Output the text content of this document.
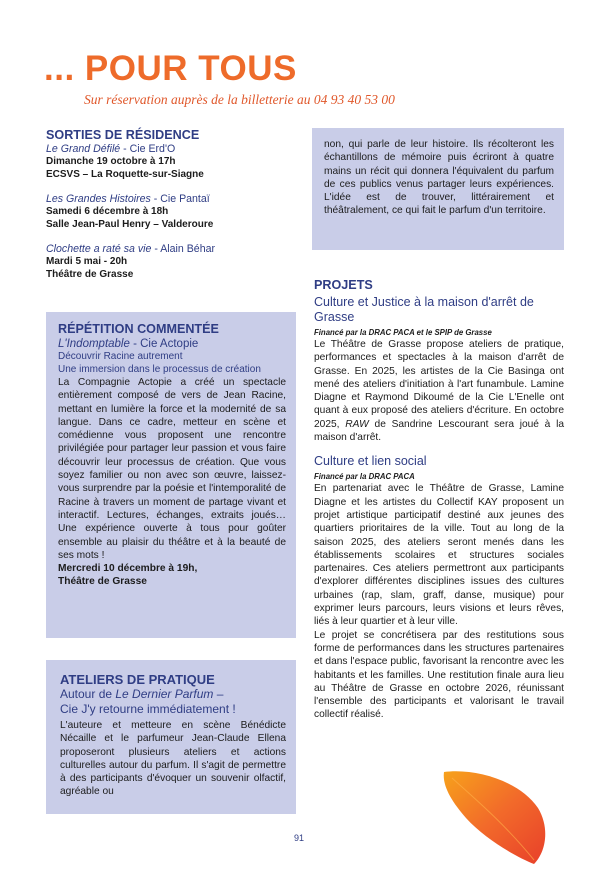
... POUR TOUS

Sur réservation auprès de la billetterie au 04 93 40 53 00

SORTIES DE RÉSIDENCE
Le Grand Défilé - Cie Erd'O
Dimanche 19 octobre à 17h
ECSVS – La Roquette-sur-Siagne
Les Grandes Histoires - Cie Pantaï
Samedi 6 décembre à 18h
Salle Jean-Paul Henry – Valderoure
Clochette a raté sa vie - Alain Béhar
Mardi 5 mai - 20h
Théâtre de Grasse
RÉPÉTITION COMMENTÉE

L'Indomptable - Cie Actopie

Découvrir Racine autrement

Une immersion dans le processus de création

La Compagnie Actopie a créé un spectacle entièrement composé de vers de Jean Racine, mettant en lumière la force et la modernité de sa langue. Dans ce cadre, metteur en scène et comédienne vous proposent une rencontre privilégiée pour partager leur passion et vous faire découvrir leur processus de création. Que vous soyez familier ou non avec son œuvre, laissez-vous surprendre par la poésie et l'intemporalité de Racine à travers un moment de partage vivant et interactif. Lectures, échanges, extraits joués… Une expérience ouverte à tous pour goûter ensemble au plaisir du théâtre et à la beauté de ses mots !

Mercredi 10 décembre à 19h,

Théâtre de Grasse

ATELIERS DE PRATIQUE

Autour de Le Dernier Parfum –

Cie J'y retourne immédiatement !

L'auteure et metteure en scène Bénédicte Nécaille et le parfumeur Jean-Claude Ellena proposeront plusieurs ateliers et actions culturelles autour du parfum. Il s'agit de permettre à des participants d'évoquer un souvenir olfactif, agréable ou

non, qui parle de leur histoire. Ils récolteront les échantillons de mémoire puis écriront à quatre mains un récit qui donnera l'équivalent du parfum de ces publics venus partager leurs expériences. L'idée est de trouver, littérairement et théâtralement, ce qui fait le parfum d'un territoire.

PROJETS

Culture et Justice à la maison d'arrêt de Grasse

Financé par la DRAC PACA et le SPIP de Grasse

Le Théâtre de Grasse propose ateliers de pratique, performances et spectacles à la maison d'arrêt de Grasse. En 2025, les artistes de la Cie Basinga ont mené des ateliers d'initiation à l'art funambule. Lamine Diagne et Raymond Dikoumé de la Cie L'Enelle ont quant à eux proposé des ateliers d'écriture. En octobre 2025, RAW de Sandrine Lescourant sera joué à la maison d'arrêt.

Culture et lien social

Financé par la DRAC PACA

En partenariat avec le Théâtre de Grasse, Lamine Diagne et les artistes du Collectif KAY proposent un projet artistique participatif destiné aux jeunes des quartiers prioritaires de la ville. Tout au long de la saison 2025, des ateliers seront menés dans les établissements scolaires et structures sociales partenaires. Ces ateliers permettront aux participants d'explorer différentes disciplines issues des cultures urbaines (rap, slam, graff, danse, musique) pour exprimer leurs parcours, leurs visions et leurs rêves, liés à leur quartier et à leur ville.

Le projet se concrétisera par des restitutions sous forme de performances dans les structures partenaires et dans l'espace public, favorisant la rencontre avec les habitants et les familles. Une restitution finale aura lieu au Théâtre de Grasse en octobre 2026, réunissant l'ensemble des participants et valorisant le travail collectif réalisé.

91
